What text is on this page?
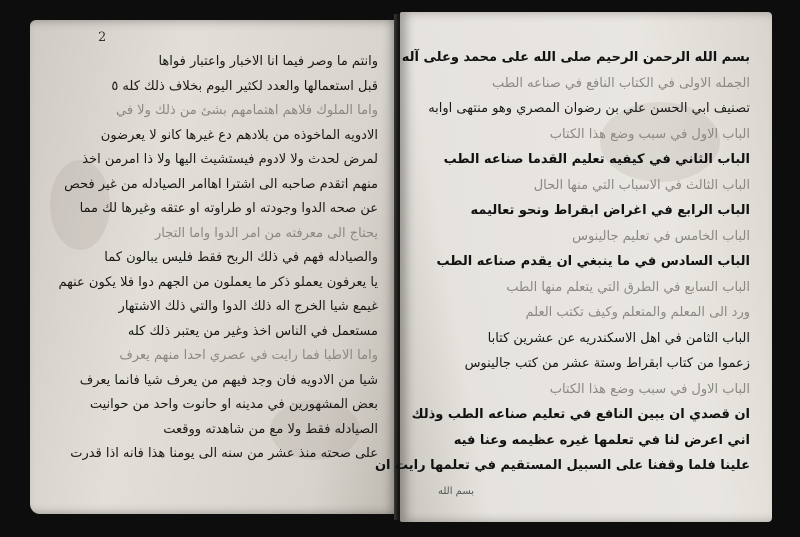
2
وانتم ما وصر فيما انا الاخبار واعتبار فواها
قبل استعمالها والعدد لكثير اليوم بخلاف ذلك كله ٥
واما الملوك فلاهم اهتمامهم بشئ من ذلك ولا في
الادويه الماخوذه من بلادهم دع غيرها كانو لا يعرضون
لمرض لحدث ولا لادوم فيستشيث اليها ولا ذا امرمن اخذ
منهم اتقدم صاحبه الى اشترا اهاامر الصيادله من غير فحص
عن صحه الدوا وجودته او طراوته او عتقه وغيرها لك مما
يحتاج الى معرفته من امر الدوا واما التجار
والصيادله فهم في ذلك الربح فقط فليس يبالون كما
يا يعرفون يعملو ذكر ما يعملون من الجهم دوا فلا يكون عنهم
غيمع شيا الخرج اله ذلك الدوا والتي ذلك الاشتهار
مستعمل في الناس اخذ وغير من يعتبر ذلك كله
واما الاطبا فما رايت في عصري احدا منهم يعرف
شيا من الادويه فان وجد فيهم من يعرف شيا فانما يعرف
بعض المشهورين في مدينه او حانوت واحد من حوانيت
الصيادله فقط ولا مع من شاهدته ووقعت
على صحته منذ عشر من سنه الى يومنا هذا فانه اذا قدرت
بسم الله الرحمن الرحيم صلى الله على محمد وعلى آله
الجمله الاولى في الكتاب النافع في صناعه الطب
تصنيف ابي الحسن علي بن رضوان المصري وهو منتهى اوابه
الباب الاول في سبب وضع هذا الكتاب
الباب الثاني في كيفيه تعليم القدما صناعه الطب
الباب الثالث في الاسباب التي منها الحال
الباب الرابع في اغراض ابقراط ونحو تعاليمه
الباب الخامس في تعليم جالينوس
الباب السادس في ما ينبغي ان يقدم صناعه الطب
الباب السابع في الطرق التي يتعلم منها الطب
ورد الى المعلم والمتعلم وكيف تكتب العلم
الباب الثامن في اهل الاسكندريه عن عشرين كتابا
زعموا من كتاب ابقراط وستة عشر من كتب جالينوس
الباب الاول في سبب وضع هذا الكتاب
ان قصدي ان يبين النافع في تعليم صناعه الطب وذلك
اني اعرض لنا في تعلمها غيره عظيمه وعنا فيه
علينا فلما وقفنا على السبيل المستقيم في تعلمها رايت ان
بسم الله
